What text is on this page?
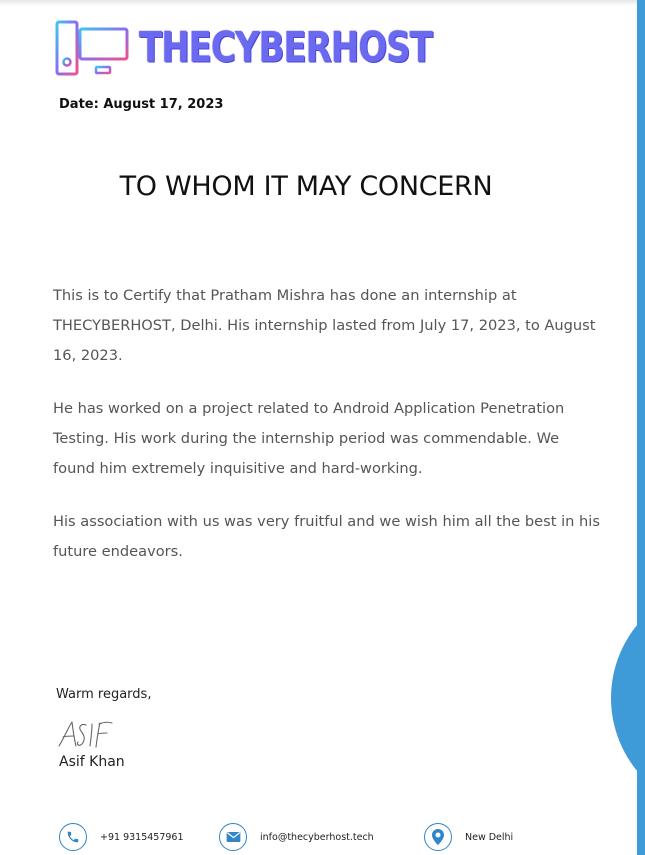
THECYBERHOST
Date: August 17, 2023
TO WHOM IT MAY CONCERN

This is to Certify that Pratham Mishra has done an internship at THECYBERHOST, Delhi. His internship lasted from July 17, 2023, to August 16, 2023.

He has worked on a project related to Android Application Penetration Testing. His work during the internship period was commendable. We found him extremely inquisitive and hard-working.

His association with us was very fruitful and we wish him all the best in his future endeavors.

Warm regards,
Asif Khan
+91 9315457961	info@thecyberhost.tech	New Delhi
